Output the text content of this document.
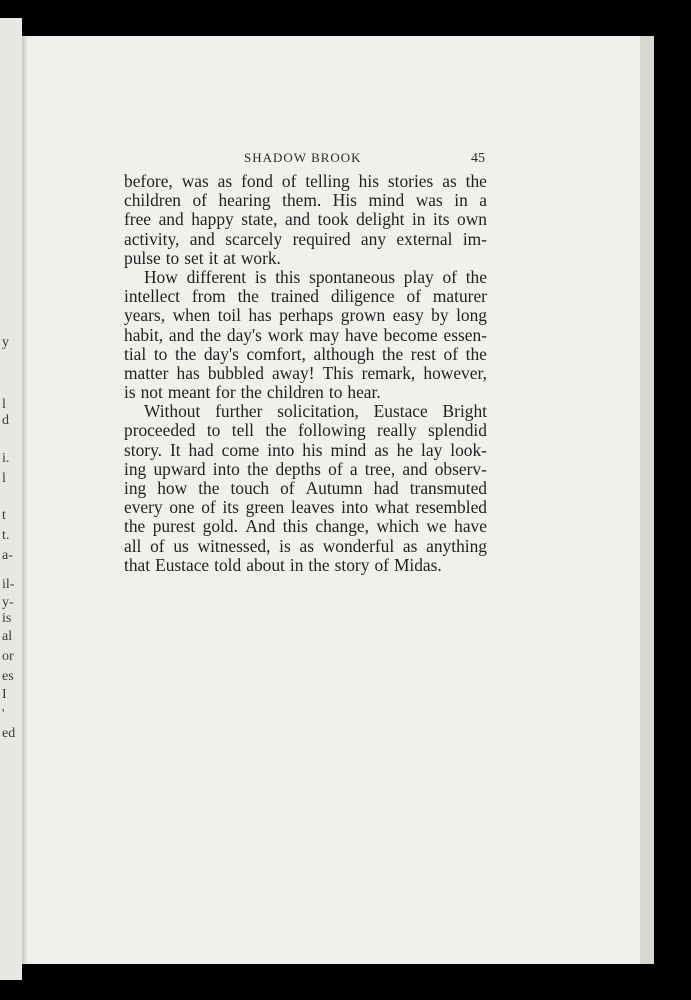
y
l
d
i.
l
t
t.
a-
il-
y-
is
al
or
es
I
'
ed
SHADOW BROOK	45
before, was as fond of telling his stories as the
children of hearing them. His mind was in a
free and happy state, and took delight in its own
activity, and scarcely required any external im-
pulse to set it at work.
How different is this spontaneous play of the
intellect from the trained diligence of maturer
years, when toil has perhaps grown easy by long
habit, and the day's work may have become essen-
tial to the day's comfort, although the rest of the
matter has bubbled away! This remark, however,
is not meant for the children to hear.
Without further solicitation, Eustace Bright
proceeded to tell the following really splendid
story. It had come into his mind as he lay look-
ing upward into the depths of a tree, and observ-
ing how the touch of Autumn had transmuted
every one of its green leaves into what resembled
the purest gold. And this change, which we have
all of us witnessed, is as wonderful as anything
that Eustace told about in the story of Midas.
